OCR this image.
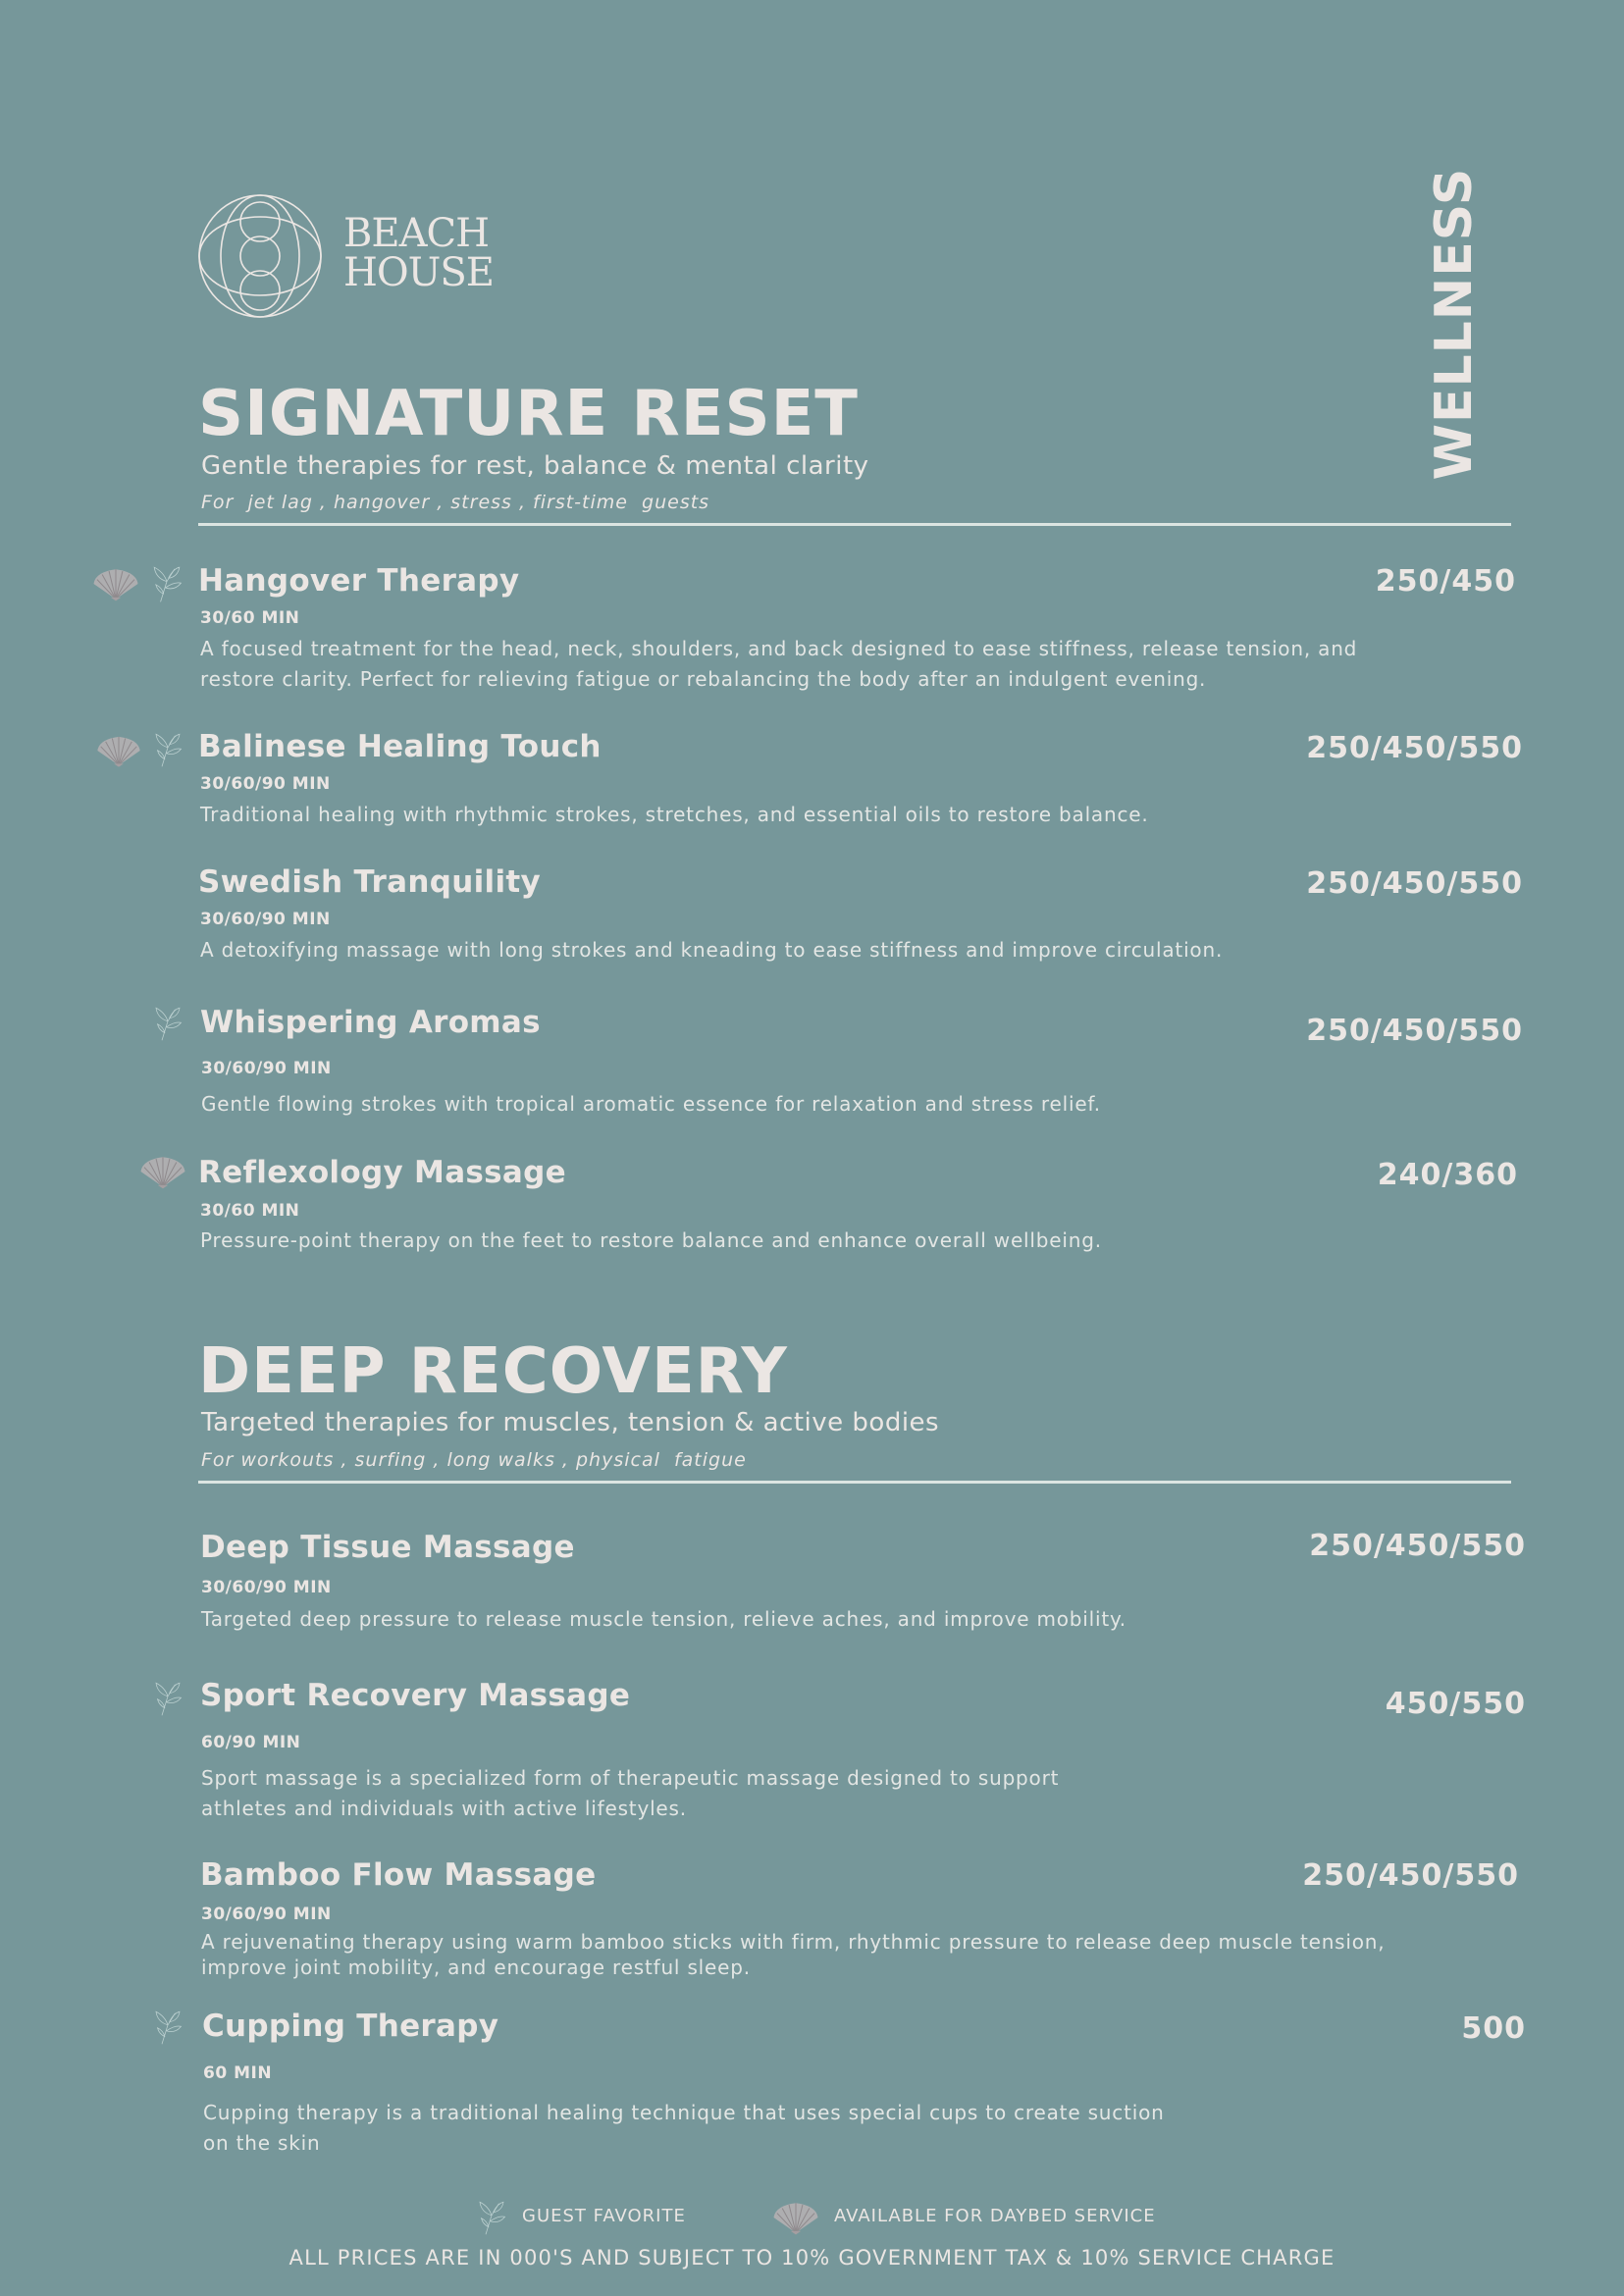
BEACH
HOUSE	WELLNESS
SIGNATURE RESET
Gentle therapies for rest, balance & mental clarity
For  jet lag , hangover , stress , first-time  guests
Hangover Therapy
30/60 MIN
A focused treatment for the head, neck, shoulders, and back designed to ease stiffness, release tension, and
restore clarity. Perfect for relieving fatigue or rebalancing the body after an indulgent evening.
250/450
Balinese Healing Touch
30/60/90 MIN
Traditional healing with rhythmic strokes, stretches, and essential oils to restore balance.
250/450/550
Swedish Tranquility
30/60/90 MIN
A detoxifying massage with long strokes and kneading to ease stiffness and improve circulation.
250/450/550
Whispering Aromas
30/60/90 MIN
Gentle flowing strokes with tropical aromatic essence for relaxation and stress relief.
250/450/550
Reflexology Massage
30/60 MIN
Pressure-point therapy on the feet to restore balance and enhance overall wellbeing.
240/360
DEEP RECOVERY
Targeted therapies for muscles, tension & active bodies
For workouts , surfing , long walks , physical  fatigue
Deep Tissue Massage
30/60/90 MIN
Targeted deep pressure to release muscle tension, relieve aches, and improve mobility.
250/450/550
Sport Recovery Massage
60/90 MIN
Sport massage is a specialized form of therapeutic massage designed to support
athletes and individuals with active lifestyles.
450/550
Bamboo Flow Massage
30/60/90 MIN
A rejuvenating therapy using warm bamboo sticks with firm, rhythmic pressure to release deep muscle tension,
improve joint mobility, and encourage restful sleep.
250/450/550
Cupping Therapy
60 MIN
Cupping therapy is a traditional healing technique that uses special cups to create suction
on the skin
500
GUEST FAVORITE	AVAILABLE FOR DAYBED SERVICE
ALL PRICES ARE IN 000'S AND SUBJECT TO 10% GOVERNMENT TAX & 10% SERVICE CHARGE
